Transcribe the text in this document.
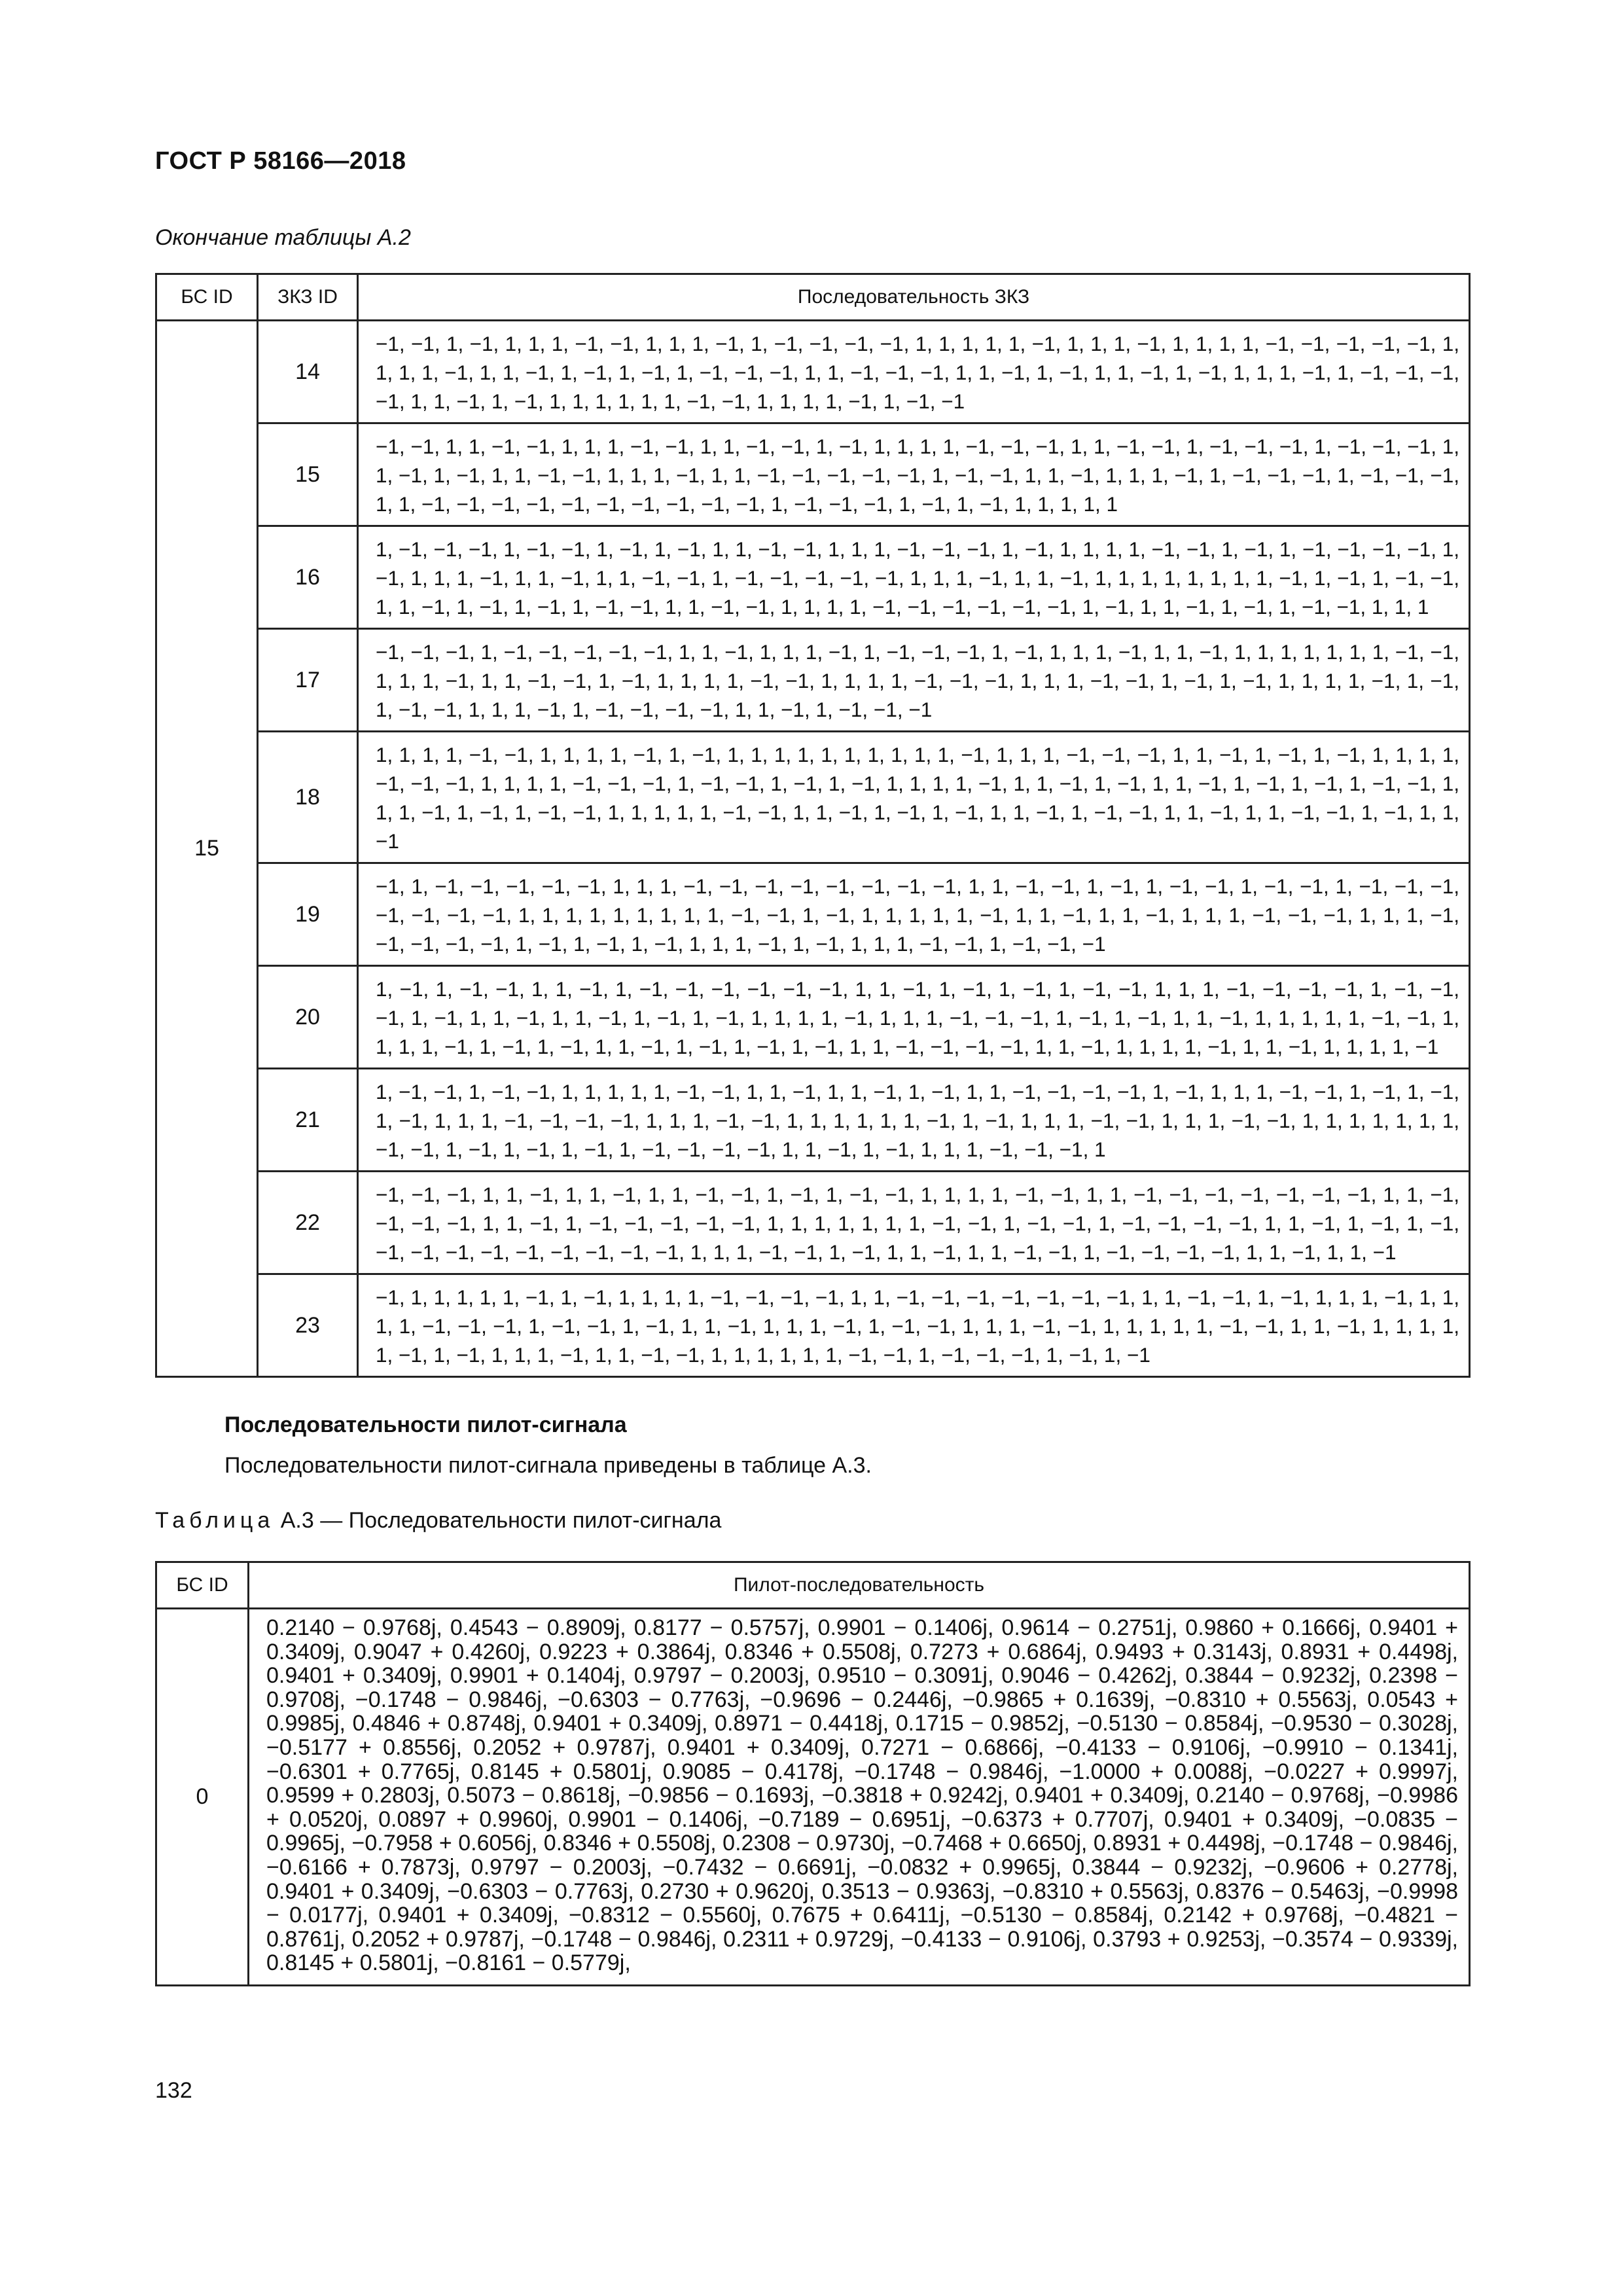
ГОСТ Р 58166—2018
Окончание таблицы А.2
БС ID	ЗКЗ ID	Последовательность ЗКЗ
15	14	−1, −1, 1, −1, 1, 1, 1, −1, −1, 1, 1, 1, −1, 1, −1, −1, −1, −1, 1, 1, 1, 1, 1, −1, 1, 1, 1, −1, 1, 1, 1, 1, −1, −1, −1, −1, −1, 1, 1, 1, 1, −1, 1, 1, −1, 1, −1, 1, −1, 1, −1, −1, −1, 1, 1, −1, −1, −1, 1, 1, −1, 1, −1, 1, 1, −1, 1, −1, 1, 1, 1, −1, 1, −1, −1, −1, −1, 1, 1, −1, 1, −1, 1, 1, 1, 1, 1, 1, −1, −1, 1, 1, 1, 1, −1, 1, −1, −1
	15	−1, −1, 1, 1, −1, −1, 1, 1, 1, −1, −1, 1, 1, −1, −1, 1, −1, 1, 1, 1, 1, −1, −1, −1, 1, 1, −1, −1, 1, −1, −1, −1, 1, −1, −1, −1, 1, 1, −1, 1, −1, 1, 1, −1, −1, 1, 1, 1, −1, 1, 1, −1, −1, −1, −1, −1, 1, −1, −1, 1, 1, −1, 1, 1, 1, −1, 1, −1, −1, −1, 1, −1, −1, −1, 1, 1, −1, −1, −1, −1, −1, −1, −1, −1, −1, −1, 1, −1, −1, −1, 1, −1, 1, −1, 1, 1, 1, 1, 1
	16	1, −1, −1, −1, 1, −1, −1, 1, −1, 1, −1, 1, 1, −1, −1, 1, 1, 1, −1, −1, −1, 1, −1, 1, 1, 1, 1, −1, −1, 1, −1, 1, −1, −1, −1, −1, 1, −1, 1, 1, 1, −1, 1, 1, −1, 1, 1, −1, −1, 1, −1, −1, −1, −1, −1, 1, 1, 1, −1, 1, 1, −1, 1, 1, 1, 1, 1, 1, 1, 1, −1, 1, −1, 1, −1, −1, 1, 1, −1, 1, −1, 1, −1, 1, −1, −1, 1, 1, −1, −1, 1, 1, 1, 1, −1, −1, −1, −1, −1, −1, 1, −1, 1, 1, −1, 1, −1, 1, −1, −1, 1, 1, 1
	17	−1, −1, −1, 1, −1, −1, −1, −1, −1, 1, 1, −1, 1, 1, 1, −1, 1, −1, −1, −1, 1, −1, 1, 1, 1, −1, 1, 1, −1, 1, 1, 1, 1, 1, 1, 1, −1, −1, 1, 1, 1, −1, 1, 1, −1, −1, 1, −1, 1, 1, 1, 1, −1, −1, 1, 1, 1, 1, −1, −1, −1, 1, 1, 1, −1, −1, 1, −1, 1, −1, 1, 1, 1, 1, −1, 1, −1, 1, −1, −1, 1, 1, 1, −1, 1, −1, −1, −1, −1, 1, 1, −1, 1, −1, −1, −1
	18	1, 1, 1, 1, −1, −1, 1, 1, 1, 1, −1, 1, −1, 1, 1, 1, 1, 1, 1, 1, 1, 1, 1, −1, 1, 1, 1, −1, −1, −1, 1, 1, −1, 1, −1, 1, −1, 1, 1, 1, 1, −1, −1, −1, 1, 1, 1, 1, −1, −1, −1, 1, −1, −1, 1, −1, 1, −1, 1, 1, 1, 1, −1, 1, 1, −1, 1, −1, 1, 1, −1, 1, −1, 1, −1, 1, −1, −1, 1, 1, 1, −1, 1, −1, 1, −1, −1, 1, 1, 1, 1, 1, −1, −1, 1, 1, −1, 1, −1, 1, −1, 1, 1, −1, 1, −1, −1, 1, 1, −1, 1, 1, −1, −1, 1, −1, 1, 1, −1
	19	−1, 1, −1, −1, −1, −1, −1, 1, 1, 1, −1, −1, −1, −1, −1, −1, −1, −1, 1, 1, −1, −1, 1, −1, 1, −1, −1, 1, −1, −1, 1, −1, −1, −1, −1, −1, −1, −1, 1, 1, 1, 1, 1, 1, 1, 1, 1, −1, −1, 1, −1, 1, 1, 1, 1, 1, −1, 1, 1, −1, 1, 1, −1, 1, 1, 1, −1, −1, −1, 1, 1, 1, −1, −1, −1, −1, −1, 1, −1, 1, −1, 1, −1, 1, 1, 1, −1, 1, −1, 1, 1, 1, −1, −1, 1, −1, −1, −1
	20	1, −1, 1, −1, −1, 1, 1, −1, 1, −1, −1, −1, −1, −1, −1, 1, 1, −1, 1, −1, 1, −1, 1, −1, −1, 1, 1, 1, −1, −1, −1, −1, 1, −1, −1, −1, 1, −1, 1, 1, −1, 1, 1, −1, 1, −1, 1, −1, 1, 1, 1, 1, −1, 1, 1, 1, −1, −1, −1, 1, −1, 1, −1, 1, 1, −1, 1, 1, 1, 1, 1, −1, −1, 1, 1, 1, 1, −1, 1, −1, 1, −1, 1, 1, −1, 1, −1, 1, −1, 1, −1, 1, 1, −1, −1, −1, −1, 1, 1, −1, 1, 1, 1, 1, −1, 1, 1, −1, 1, 1, 1, 1, −1
	21	1, −1, −1, 1, −1, −1, 1, 1, 1, 1, 1, −1, −1, 1, 1, −1, 1, 1, −1, 1, −1, 1, 1, −1, −1, −1, −1, 1, −1, 1, 1, 1, −1, −1, 1, −1, 1, −1, 1, −1, 1, 1, 1, −1, −1, −1, −1, 1, 1, 1, −1, −1, 1, 1, 1, 1, 1, 1, −1, 1, −1, 1, 1, 1, −1, −1, 1, 1, 1, −1, −1, 1, 1, 1, 1, 1, 1, 1, −1, −1, 1, −1, 1, −1, 1, −1, 1, −1, −1, −1, −1, 1, 1, −1, 1, −1, 1, 1, 1, −1, −1, −1, 1
	22	−1, −1, −1, 1, 1, −1, 1, 1, −1, 1, 1, −1, −1, 1, −1, 1, −1, −1, 1, 1, 1, 1, −1, −1, 1, 1, −1, −1, −1, −1, −1, −1, −1, 1, 1, −1, −1, −1, −1, 1, 1, −1, 1, −1, −1, −1, −1, −1, 1, 1, 1, 1, 1, 1, 1, −1, −1, 1, −1, −1, 1, −1, −1, −1, −1, 1, 1, −1, 1, −1, 1, −1, −1, −1, −1, −1, −1, −1, −1, −1, −1, 1, 1, 1, −1, −1, 1, −1, 1, 1, −1, 1, 1, −1, −1, 1, −1, −1, −1, −1, 1, 1, −1, 1, 1, −1
	23	−1, 1, 1, 1, 1, 1, −1, 1, −1, 1, 1, 1, 1, −1, −1, −1, −1, 1, 1, −1, −1, −1, −1, −1, −1, −1, 1, 1, −1, −1, 1, −1, 1, 1, 1, −1, 1, 1, 1, 1, −1, −1, −1, 1, −1, −1, 1, −1, 1, 1, −1, 1, 1, 1, −1, 1, −1, −1, 1, 1, 1, −1, −1, 1, 1, 1, 1, 1, −1, −1, 1, 1, −1, 1, 1, 1, 1, 1, −1, 1, −1, 1, 1, 1, −1, 1, 1, −1, −1, 1, 1, 1, 1, 1, 1, −1, −1, 1, −1, −1, −1, 1, −1, 1, −1
Последовательности пилот-сигнала
Последовательности пилот-сигнала приведены в таблице А.3.
Таблица А.3 — Последовательности пилот-сигнала
БС ID	Пилот-последовательность
0	0.2140 − 0.9768j, 0.4543 − 0.8909j, 0.8177 − 0.5757j, 0.9901 − 0.1406j, 0.9614 − 0.2751j, 0.9860 + 0.1666j, 0.9401 + 0.3409j, 0.9047 + 0.4260j, 0.9223 + 0.3864j, 0.8346 + 0.5508j, 0.7273 + 0.6864j, 0.9493 + 0.3143j, 0.8931 + 0.4498j, 0.9401 + 0.3409j, 0.9901 + 0.1404j, 0.9797 − 0.2003j, 0.9510 − 0.3091j, 0.9046 − 0.4262j, 0.3844 − 0.9232j, 0.2398 − 0.9708j, −0.1748 − 0.9846j, −0.6303 − 0.7763j, −0.9696 − 0.2446j, −0.9865 + 0.1639j, −0.8310 + 0.5563j, 0.0543 + 0.9985j, 0.4846 + 0.8748j, 0.9401 + 0.3409j, 0.8971 − 0.4418j, 0.1715 − 0.9852j, −0.5130 − 0.8584j, −0.9530 − 0.3028j, −0.5177 + 0.8556j, 0.2052 + 0.9787j, 0.9401 + 0.3409j, 0.7271 − 0.6866j, −0.4133 − 0.9106j, −0.9910 − 0.1341j, −0.6301 + 0.7765j, 0.8145 + 0.5801j, 0.9085 − 0.4178j, −0.1748 − 0.9846j, −1.0000 + 0.0088j, −0.0227 + 0.9997j, 0.9599 + 0.2803j, 0.5073 − 0.8618j, −0.9856 − 0.1693j, −0.3818 + 0.9242j, 0.9401 + 0.3409j, 0.2140 − 0.9768j, −0.9986 + 0.0520j, 0.0897 + 0.9960j, 0.9901 − 0.1406j, −0.7189 − 0.6951j, −0.6373 + 0.7707j, 0.9401 + 0.3409j, −0.0835 − 0.9965j, −0.7958 + 0.6056j, 0.8346 + 0.5508j, 0.2308 − 0.9730j, −0.7468 + 0.6650j, 0.8931 + 0.4498j, −0.1748 − 0.9846j, −0.6166 + 0.7873j, 0.9797 − 0.2003j, −0.7432 − 0.6691j, −0.0832 + 0.9965j, 0.3844 − 0.9232j, −0.9606 + 0.2778j, 0.9401 + 0.3409j, −0.6303 − 0.7763j, 0.2730 + 0.9620j, 0.3513 − 0.9363j, −0.8310 + 0.5563j, 0.8376 − 0.5463j, −0.9998 − 0.0177j, 0.9401 + 0.3409j, −0.8312 − 0.5560j, 0.7675 + 0.6411j, −0.5130 − 0.8584j, 0.2142 + 0.9768j, −0.4821 − 0.8761j, 0.2052 + 0.9787j, −0.1748 − 0.9846j, 0.2311 + 0.9729j, −0.4133 − 0.9106j, 0.3793 + 0.9253j, −0.3574 − 0.9339j, 0.8145 + 0.5801j, −0.8161 − 0.5779j,
132
